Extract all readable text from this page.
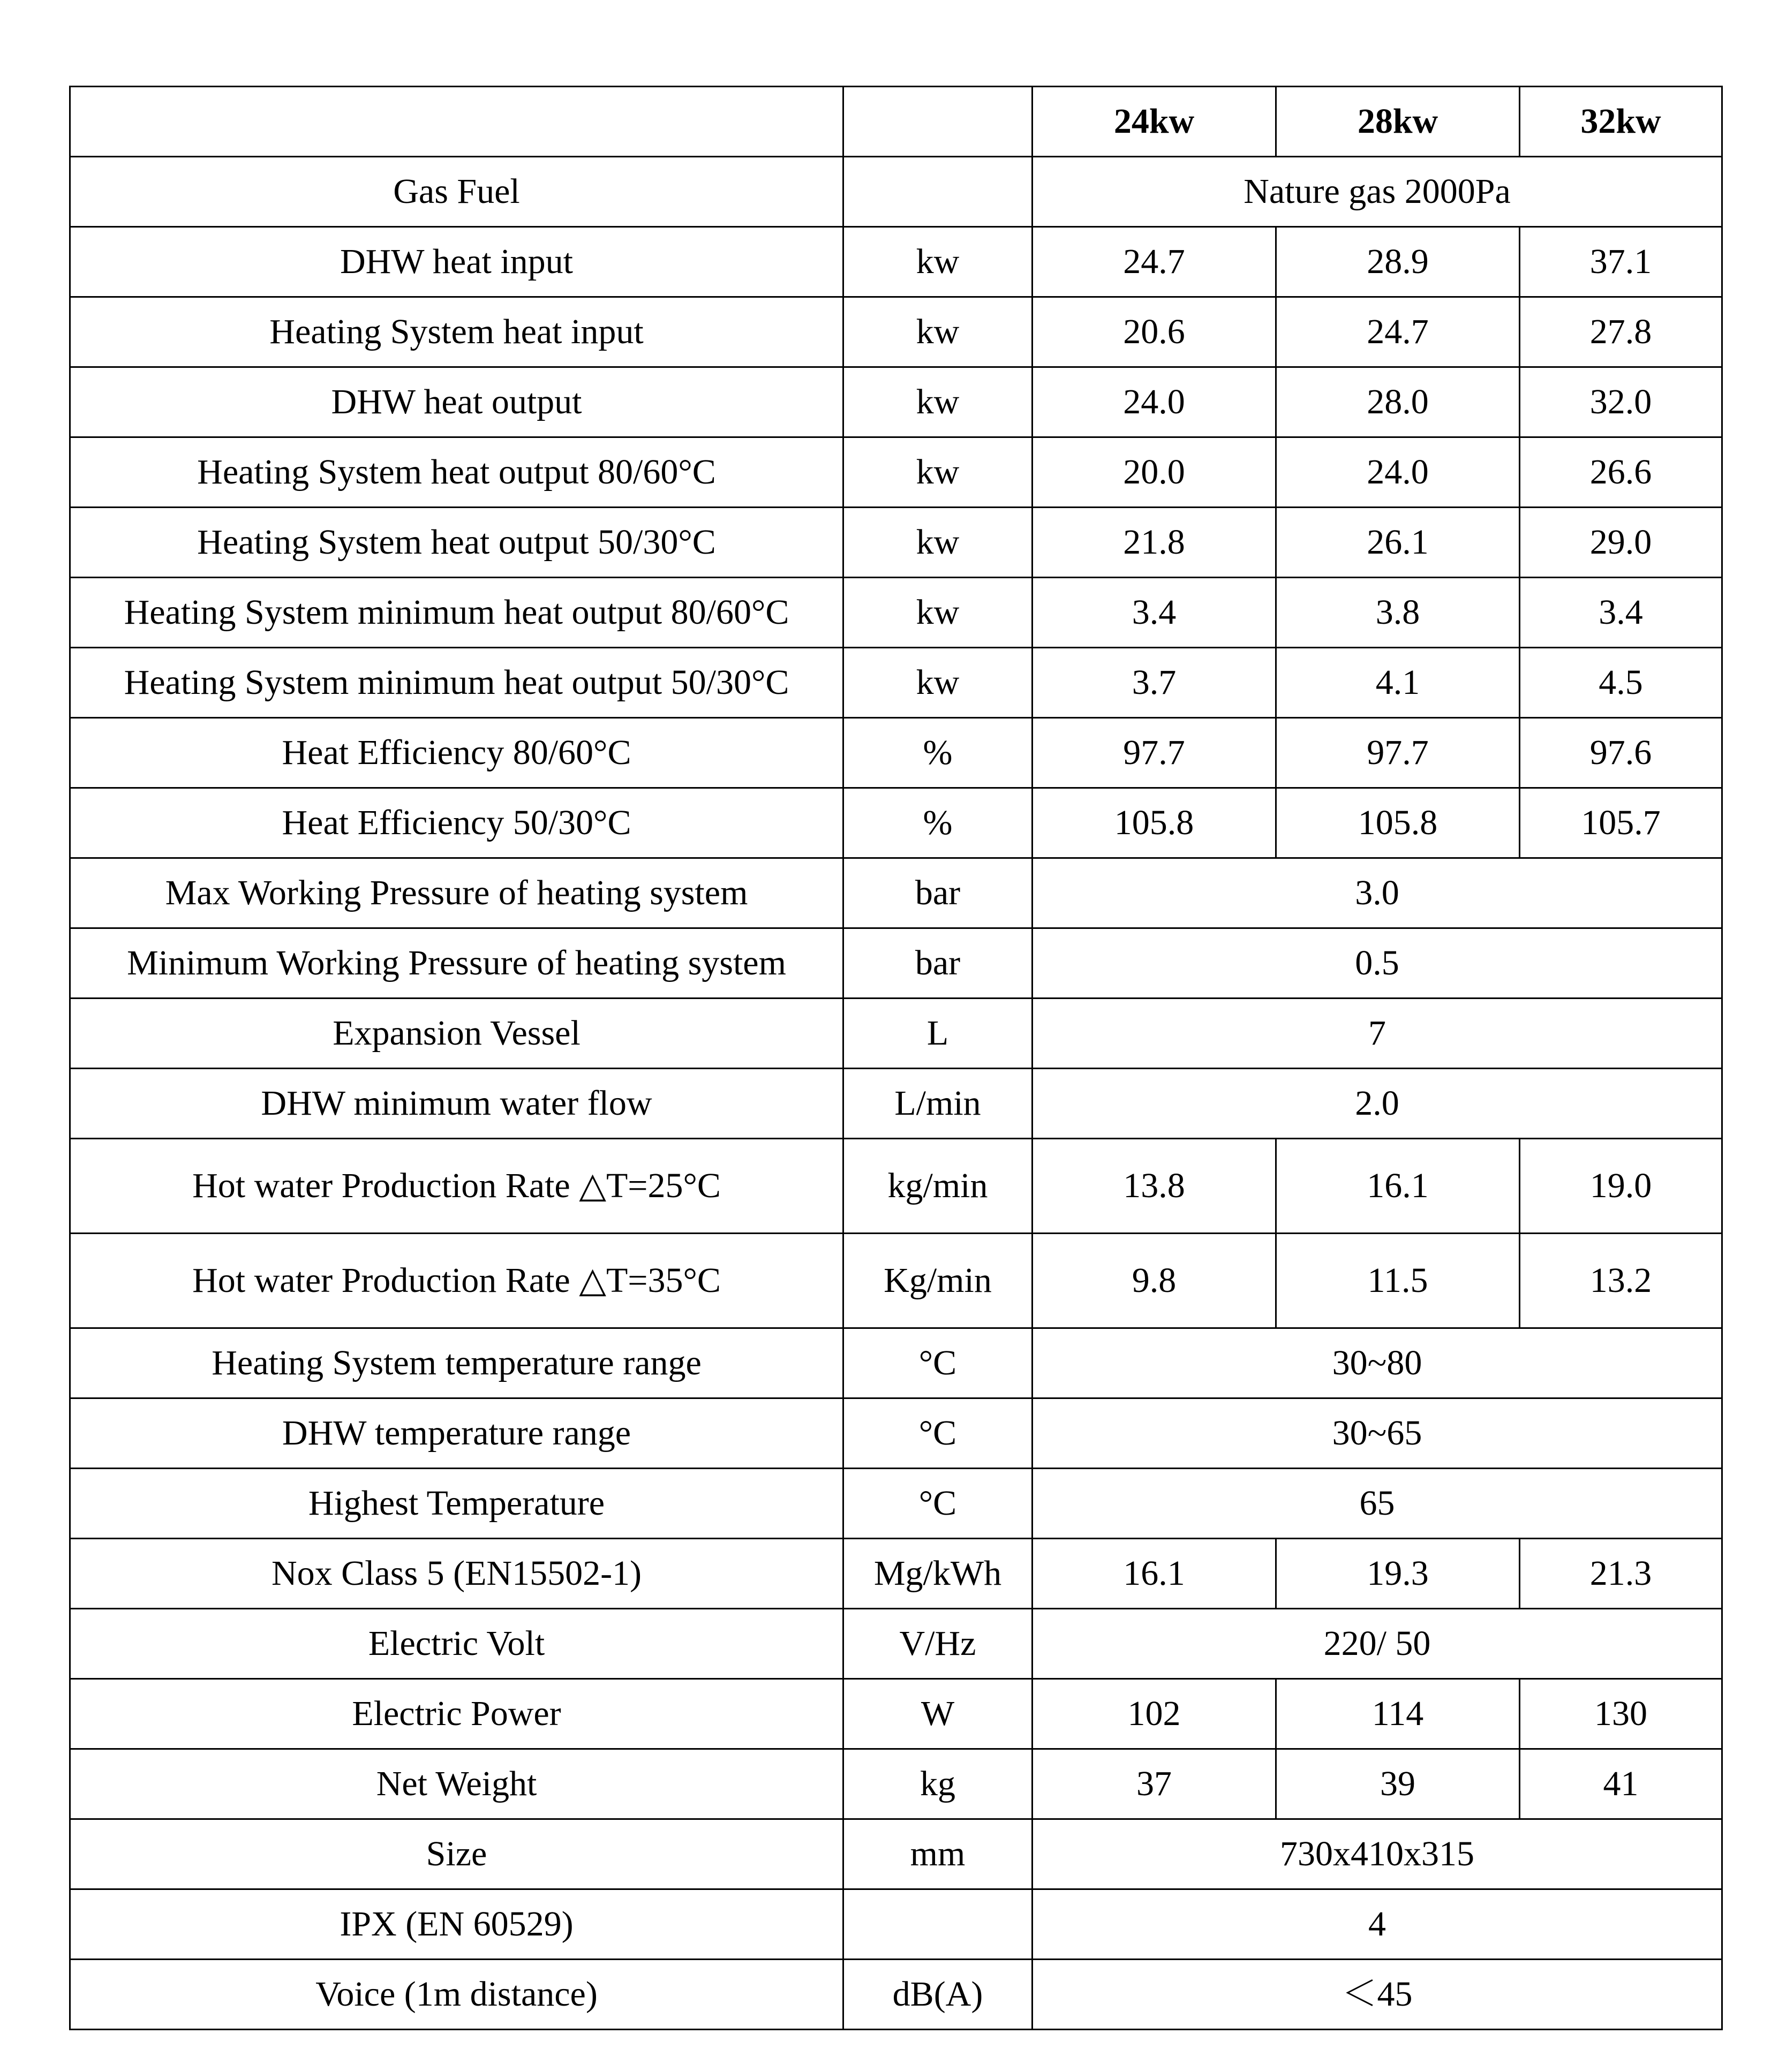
		24kw	28kw	32kw
Gas Fuel		Nature gas 2000Pa		
DHW heat input	kw	24.7	28.9	37.1
Heating System heat input	kw	20.6	24.7	27.8
DHW heat output	kw	24.0	28.0	32.0
Heating System heat output 80/60°C	kw	20.0	24.0	26.6
Heating System heat output 50/30°C	kw	21.8	26.1	29.0
Heating System minimum heat output 80/60°C	kw	3.4	3.8	3.4
Heating System minimum heat output 50/30°C	kw	3.7	4.1	4.5
Heat Efficiency 80/60°C	%	97.7	97.7	97.6
Heat Efficiency 50/30°C	%	105.8	105.8	105.7
Max Working Pressure of heating system	bar	3.0		
Minimum Working Pressure of heating system	bar	0.5		
Expansion Vessel	L	7		
DHW minimum water flow	L/min	2.0		
Hot water Production Rate △T=25°C	kg/min	13.8	16.1	19.0
Hot water Production Rate △T=35°C	Kg/min	9.8	11.5	13.2
Heating System temperature range	°C	30~80		
DHW temperature range	°C	30~65		
Highest Temperature	°C	65		
Nox Class 5 (EN15502-1)	Mg/kWh	16.1	19.3	21.3
Electric Volt	V/Hz	220/ 50		
Electric Power	W	102	114	130
Net Weight	kg	37	39	41
Size	mm	730x410x315		
IPX (EN 60529)		4		
Voice (1m distance)	dB(A)	＜45		
